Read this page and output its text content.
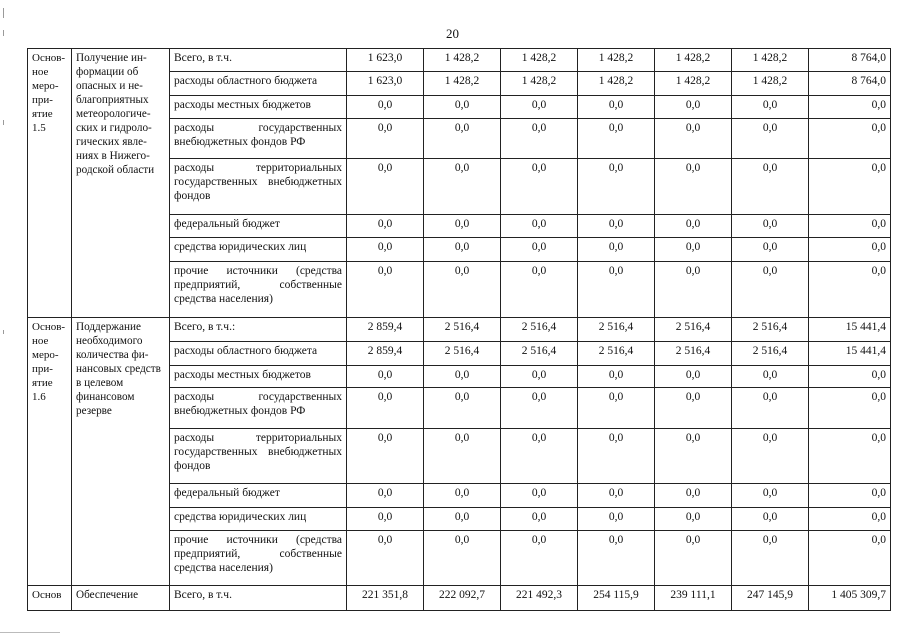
20
Основное мероприятие 1.5	Получение информации об опасных и неблагоприятных метеорологических и гидрологических явлениях в Нижегородской области	Всего, в т.ч.	1 623,0	1 428,2	1 428,2	1 428,2	1 428,2	1 428,2	8 764,0
		расходы областного бюджета	1 623,0	1 428,2	1 428,2	1 428,2	1 428,2	1 428,2	8 764,0
		расходы местных бюджетов	0,0	0,0	0,0	0,0	0,0	0,0	0,0
		расходы государственных внебюджетных фондов РФ	0,0	0,0	0,0	0,0	0,0	0,0	0,0
		расходы территориальных государственных внебюджетных фондов	0,0	0,0	0,0	0,0	0,0	0,0	0,0
		федеральный бюджет	0,0	0,0	0,0	0,0	0,0	0,0	0,0
		средства юридических лиц	0,0	0,0	0,0	0,0	0,0	0,0	0,0
		прочие источники (средства предприятий, собственные средства населения)	0,0	0,0	0,0	0,0	0,0	0,0	0,0
Основное мероприятие 1.6	Поддержание необходимого количества финансовых средств в целевом финансовом резерве	Всего, в т.ч.:	2 859,4	2 516,4	2 516,4	2 516,4	2 516,4	2 516,4	15 441,4
		расходы областного бюджета	2 859,4	2 516,4	2 516,4	2 516,4	2 516,4	2 516,4	15 441,4
		расходы местных бюджетов	0,0	0,0	0,0	0,0	0,0	0,0	0,0
		расходы государственных внебюджетных фондов РФ	0,0	0,0	0,0	0,0	0,0	0,0	0,0
		расходы территориальных государственных внебюджетных фондов	0,0	0,0	0,0	0,0	0,0	0,0	0,0
		федеральный бюджет	0,0	0,0	0,0	0,0	0,0	0,0	0,0
		средства юридических лиц	0,0	0,0	0,0	0,0	0,0	0,0	0,0
		прочие источники (средства предприятий, собственные средства населения)	0,0	0,0	0,0	0,0	0,0	0,0	0,0
Основ	Обеспечение	Всего, в т.ч.	221 351,8	222 092,7	221 492,3	254 115,9	239 111,1	247 145,9	1 405 309,7
